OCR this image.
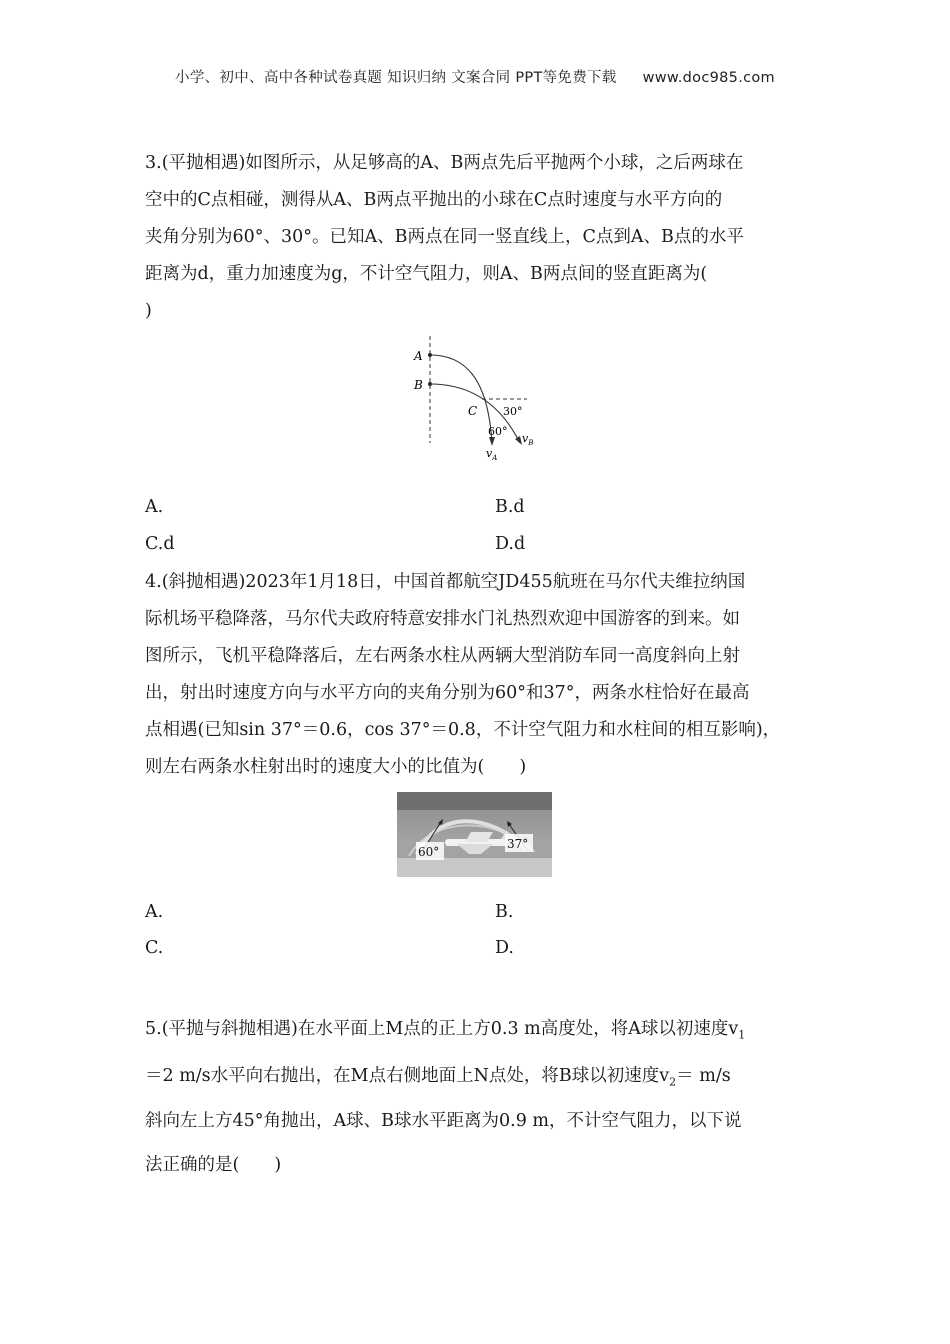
小学、初中、高中各种试卷真题 知识归纳 文案合同 PPT等免费下载 www.doc985.com
3.(平抛相遇)如图所示，从足够高的A、B两点先后平抛两个小球，之后两球在
空中的C点相碰，测得从A、B两点平抛出的小球在C点时速度与水平方向的
夹角分别为60°、30°。已知A、B两点在同一竖直线上，C点到A、B点的水平
距离为d，重力加速度为g，不计空气阻力，则A、B两点间的竖直距离为(
)
A
B
C 30°
60°
$v_A$
$v_B$
A.	B.d
C.d	D.d
4.(斜抛相遇)2023年1月18日，中国首都航空JD455航班在马尔代夫维拉纳国
际机场平稳降落，马尔代夫政府特意安排水门礼热烈欢迎中国游客的到来。如
图所示，飞机平稳降落后，左右两条水柱从两辆大型消防车同一高度斜向上射
出，射出时速度方向与水平方向的夹角分别为60°和37°，两条水柱恰好在最高
点相遇(已知sin 37°＝0.6，cos 37°＝0.8，不计空气阻力和水柱间的相互影响)，
则左右两条水柱射出时的速度大小的比值为(　　)
60°
37°
A.	B.
C.	D.
5.(平抛与斜抛相遇)在水平面上M点的正上方0.3 m高度处，将A球以初速度$v_1$
＝2 m/s水平向右抛出，在M点右侧地面上N点处，将B球以初速度$v_2= m/s$
斜向左上方45°角抛出，A球、B球水平距离为0.9 m，不计空气阻力，以下说
法正确的是(　　)
